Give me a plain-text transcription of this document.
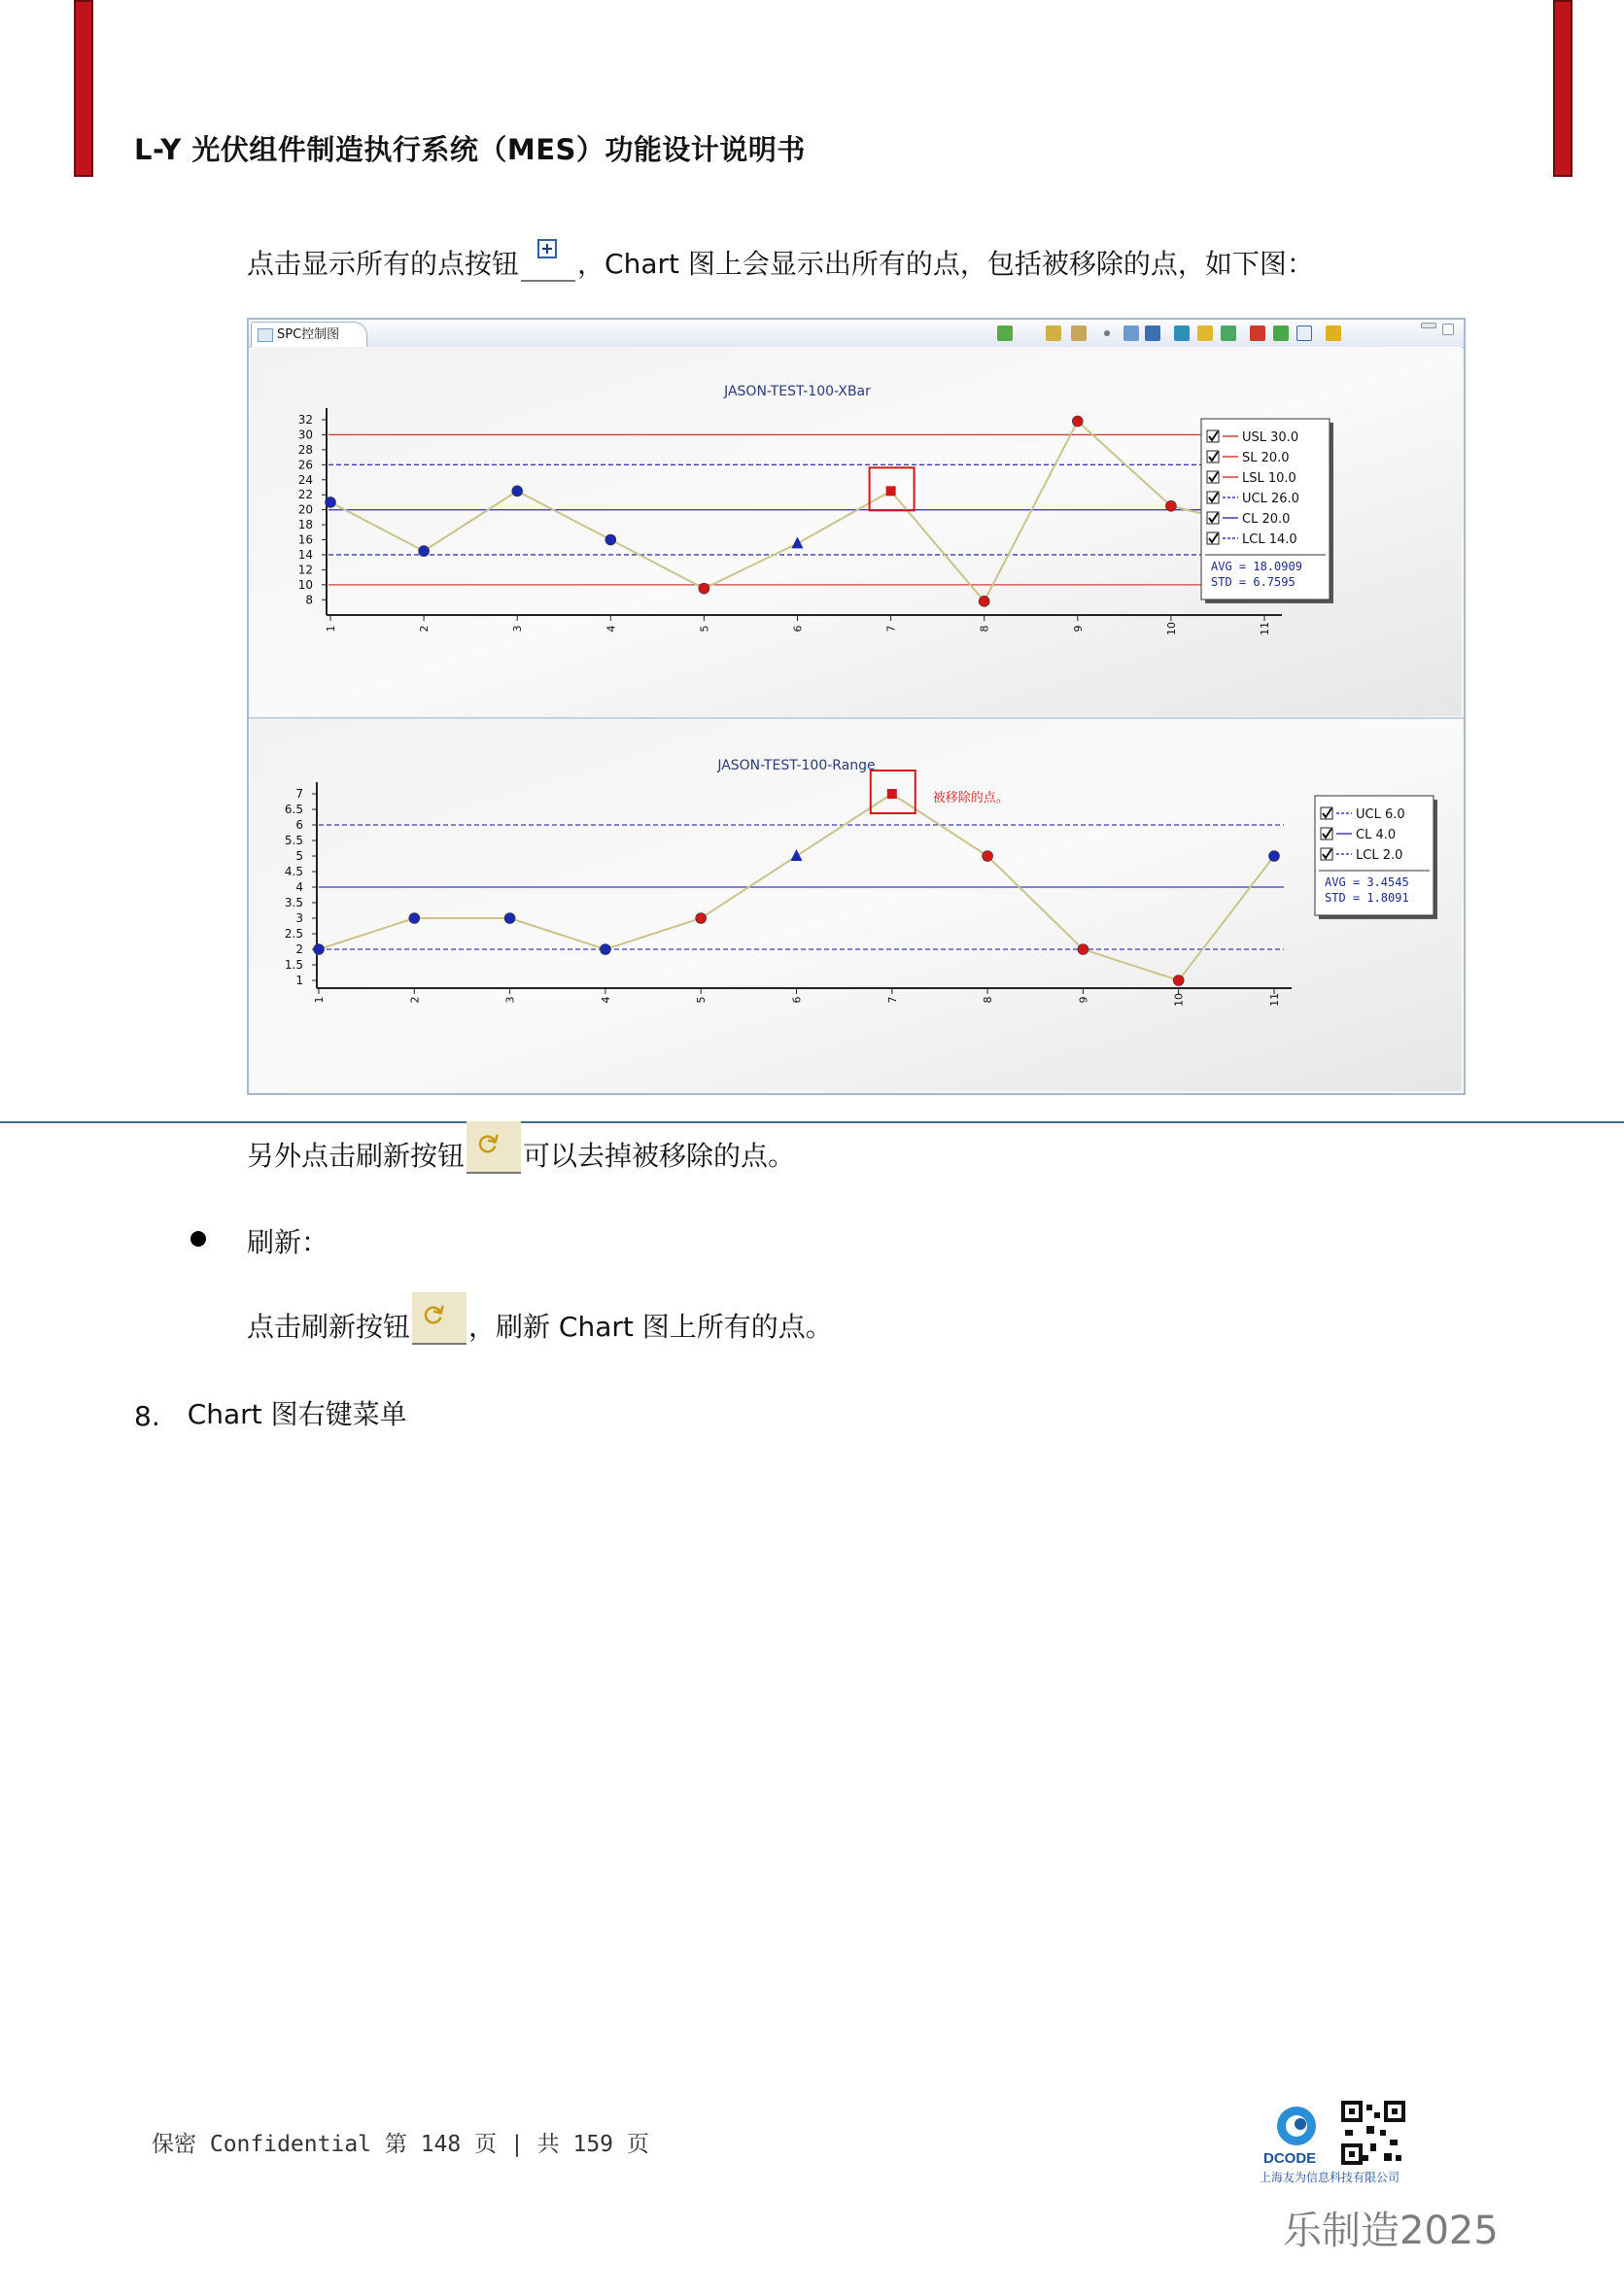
L-Y 光伏组件制造执行系统（MES）功能设计说明书
点击显示所有的点按钮 ，Chart 图上会显示出所有的点，包括被移除的点，如下图：
SPC控制图
JASON-TEST-100-XBar
8
10
12
14
16
18
20
22
24
26
28
30
32
1	2	3	4	5	6	7	8	9	10	11
USL 30.0
SL 20.0
LSL 10.0
UCL 26.0
CL 20.0
LCL 14.0
AVG = 18.0909
STD = 6.7595
JASON-TEST-100-Range
1
1.5
2
2.5
3
3.5
4
4.5
5
5.5
6
6.5
7
1	2	3	4	5	6	7	8	9	10	11
被移除的点。
UCL 6.0
CL 4.0
LCL 2.0
AVG = 3.4545
STD = 1.8091
另外点击刷新按钮 ⟳ 可以去掉被移除的点。
刷新：
点击刷新按钮 ⟳ ，刷新 Chart 图上所有的点。
8. Chart 图右键菜单
保密 Confidential 第 148 页 | 共 159 页
DCODE
上海友为信息科技有限公司
乐制造2025
